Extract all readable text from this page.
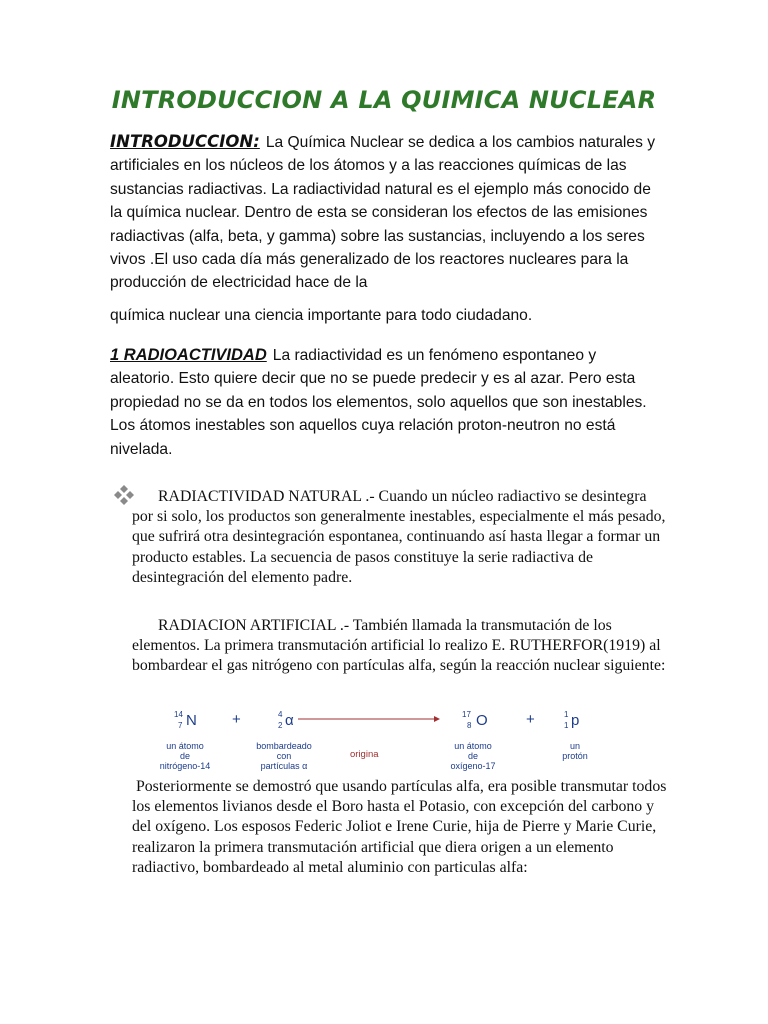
INTRODUCCION A LA QUIMICA NUCLEAR
INTRODUCCION: La Química Nuclear se dedica a los cambios naturales y artificiales en los núcleos de los átomos y a las reacciones químicas de las sustancias radiactivas. La radiactividad natural es el ejemplo más conocido de la química nuclear. Dentro de esta se consideran los efectos de las emisiones radiactivas (alfa, beta, y gamma) sobre las sustancias, incluyendo a los seres vivos .El uso cada día más generalizado de los reactores nucleares para la producción de electricidad hace de la
química nuclear una ciencia importante para todo ciudadano.
1 RADIOACTIVIDAD La radiactividad es un fenómeno espontaneo y aleatorio. Esto quiere decir que no se puede predecir y es al azar. Pero esta propiedad no se da en todos los elementos, solo aquellos que son inestables. Los átomos inestables son aquellos cuya relación proton-neutron no está nivelada.
RADIACTIVIDAD NATURAL .- Cuando un núcleo radiactivo se desintegra por si solo, los productos son generalmente inestables, especialmente el más pesado, que sufrirá otra desintegración espontanea, continuando así hasta llegar a formar un producto estables. La secuencia de pasos constituye la serie radiactiva de desintegración del elemento padre.
RADIACION ARTIFICIAL .- También llamada la transmutación de los elementos. La primera transmutación artificial lo realizo E. RUTHERFOR(1919) al bombardear el gas nitrógeno con partículas alfa, según la reacción nuclear siguiente:
14
7 N
un átomo
de
nitrógeno-14
+	4
2 α
bombardeado
con
partículas α
origina
17
8 O
un átomo
de
oxígeno-17
+	1
1 p
un
protón
Posteriormente se demostró que usando partículas alfa, era posible transmutar todos los elementos livianos desde el Boro hasta el Potasio, con excepción del carbono y del oxígeno. Los esposos Federic Joliot e Irene Curie, hija de Pierre y Marie Curie, realizaron la primera transmutación artificial que diera origen a un elemento radiactivo, bombardeado al metal aluminio con particulas alfa:
